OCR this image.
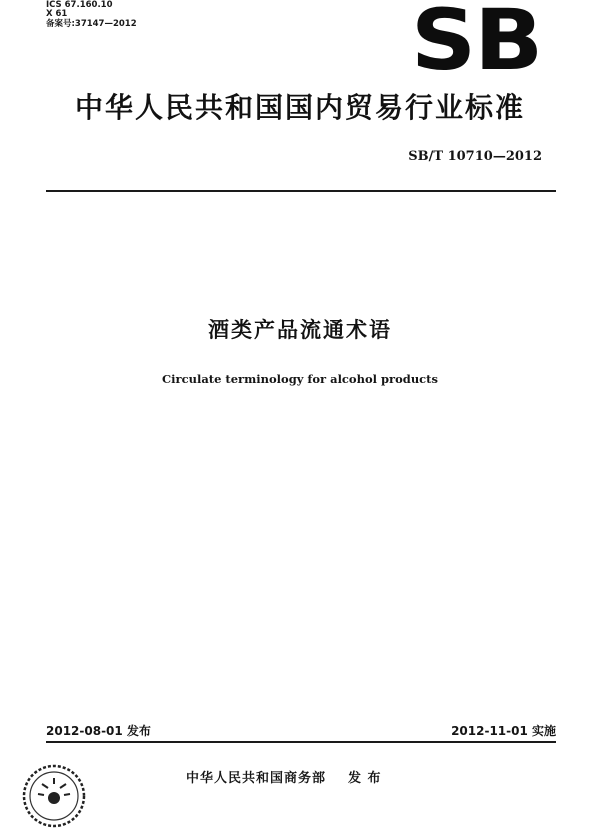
ICS 67.160.10
X 61
备案号:37147—2012	SB
中华人民共和国国内贸易行业标准
SB/T 10710—2012
酒类产品流通术语
Circulate terminology for alcohol products
2012-08-01 发布	2012-11-01 实施
中华人民共和国商务部 发 布
